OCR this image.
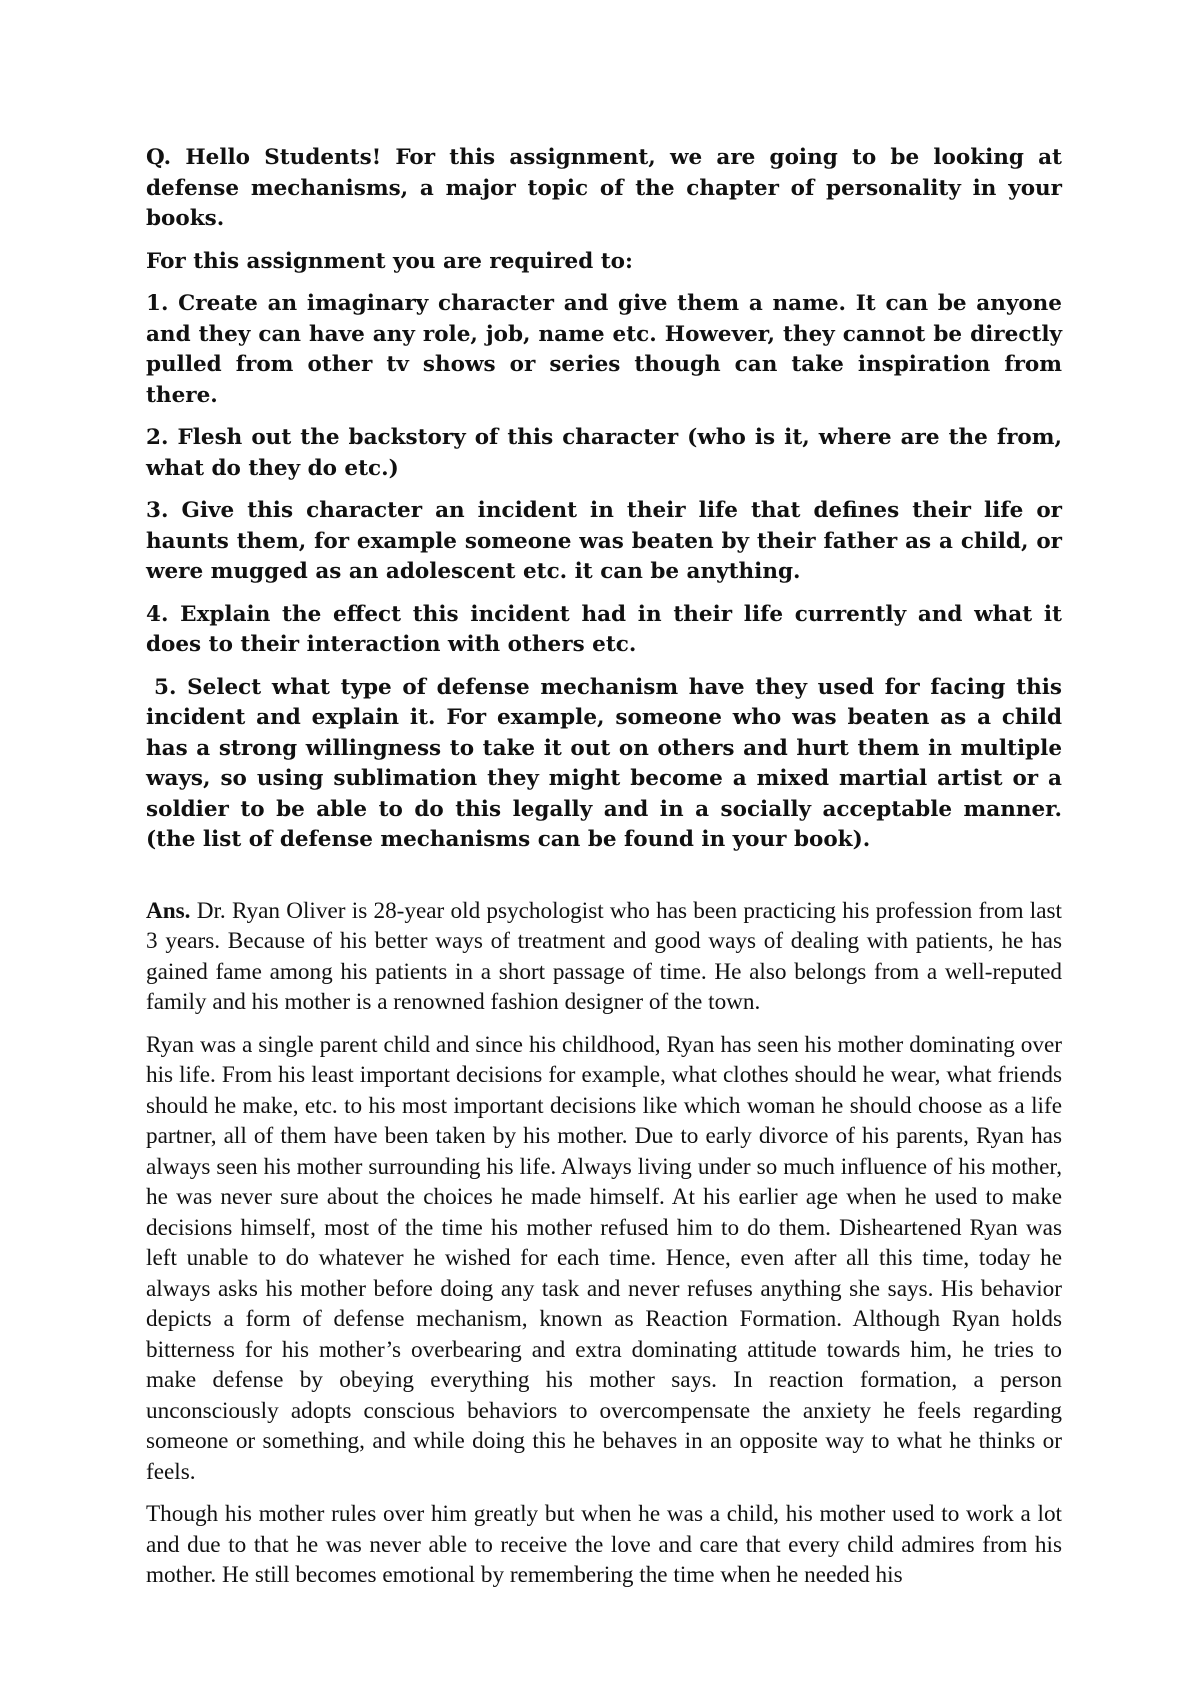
Q. Hello Students! For this assignment, we are going to be looking at defense mechanisms, a major topic of the chapter of personality in your books.

For this assignment you are required to:

1. Create an imaginary character and give them a name. It can be anyone and they can have any role, job, name etc. However, they cannot be directly pulled from other tv shows or series though can take inspiration from there.

2. Flesh out the backstory of this character (who is it, where are the from, what do they do etc.)

3. Give this character an incident in their life that defines their life or haunts them, for example someone was beaten by their father as a child, or were mugged as an adolescent etc. it can be anything.

4. Explain the effect this incident had in their life currently and what it does to their interaction with others etc.

5. Select what type of defense mechanism have they used for facing this incident and explain it. For example, someone who was beaten as a child has a strong willingness to take it out on others and hurt them in multiple ways, so using sublimation they might become a mixed martial artist or a soldier to be able to do this legally and in a socially acceptable manner. (the list of defense mechanisms can be found in your book).

Ans. Dr. Ryan Oliver is 28-year old psychologist who has been practicing his profession from last 3 years. Because of his better ways of treatment and good ways of dealing with patients, he has gained fame among his patients in a short passage of time. He also belongs from a well-reputed family and his mother is a renowned fashion designer of the town.

Ryan was a single parent child and since his childhood, Ryan has seen his mother dominating over his life. From his least important decisions for example, what clothes should he wear, what friends should he make, etc. to his most important decisions like which woman he should choose as a life partner, all of them have been taken by his mother. Due to early divorce of his parents, Ryan has always seen his mother surrounding his life. Always living under so much influence of his mother, he was never sure about the choices he made himself. At his earlier age when he used to make decisions himself, most of the time his mother refused him to do them. Disheartened Ryan was left unable to do whatever he wished for each time. Hence, even after all this time, today he always asks his mother before doing any task and never refuses anything she says. His behavior depicts a form of defense mechanism, known as Reaction Formation. Although Ryan holds bitterness for his mother’s overbearing and extra dominating attitude towards him, he tries to make defense by obeying everything his mother says. In reaction formation, a person unconsciously adopts conscious behaviors to overcompensate the anxiety he feels regarding someone or something, and while doing this he behaves in an opposite way to what he thinks or feels.

Though his mother rules over him greatly but when he was a child, his mother used to work a lot and due to that he was never able to receive the love and care that every child admires from his mother. He still becomes emotional by remembering the time when he needed his
